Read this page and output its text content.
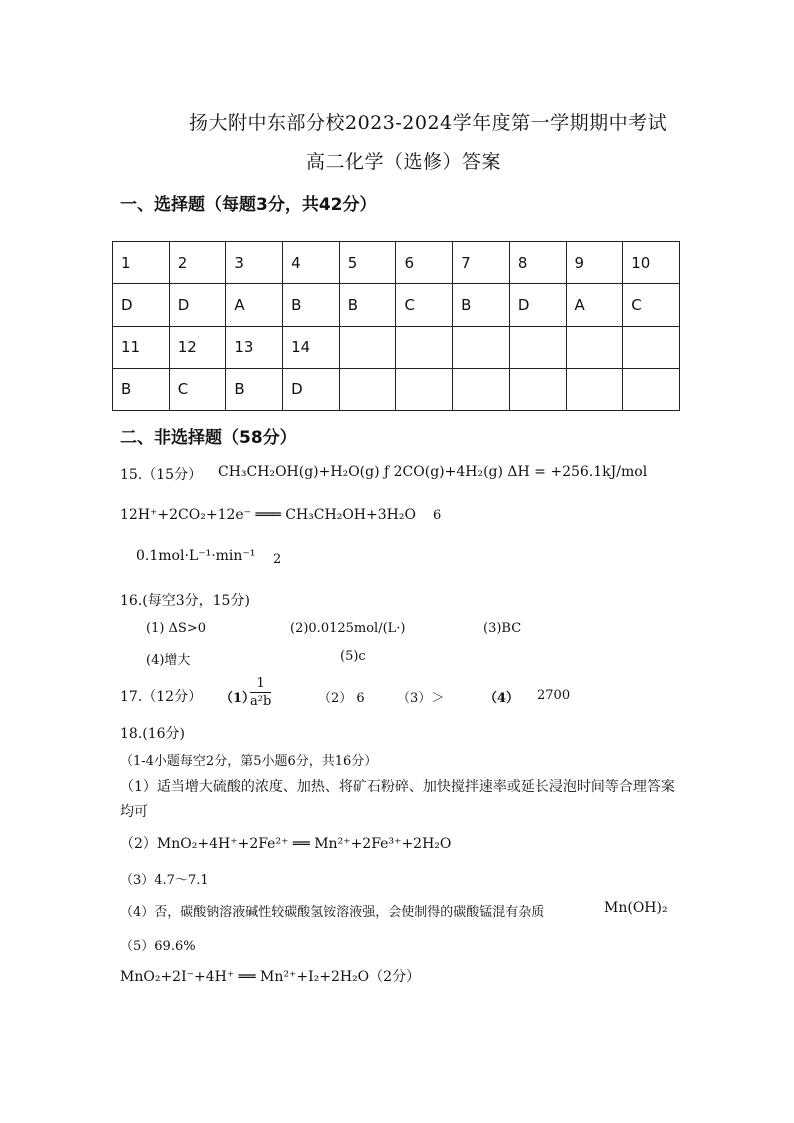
扬大附中东部分校2023-2024学年度第一学期期中考试
高二化学（选修）答案
一、选择题（每题3分，共42分）
1	2	3	4	5	6	7	8	9	10
D	D	A	B	B	C	B	D	A	C
11	12	13	14						
B	C	B	D						
二、非选择题（58分）
15.（15分） CH₃CH₂OH(g)+H₂O(g) ƒ 2CO(g)+4H₂(g) ΔH = +256.1kJ/mol
12H⁺+2CO₂+12e⁻ ═══ CH₃CH₂OH+3H₂O 6
0.1mol·L⁻¹·min⁻¹ 2
16.(每空3分，15分)
(1) ΔS>0	(2)0.0125mol/(L·)	(3)BC
(4)增大	(5)c
17.（12分） （1）
$\frac{1}{\text{a²b}}$	（2） 6 （3）＞	（4） 2700
18.(16分)
（1-4小题每空2分，第5小题6分，共16分）
（1）适当增大硫酸的浓度、加热、将矿石粉碎、加快搅拌速率或延长浸泡时间等合理答案
均可
（2）MnO₂+4H⁺+2Fe²⁺ ══ Mn²⁺+2Fe³⁺+2H₂O
（3）4.7～7.1
（4）否，碳酸钠溶液碱性较碳酸氢铵溶液强，会使制得的碳酸锰混有杂质	Mn(OH)₂
（5）69.6%
MnO₂+2I⁻+4H⁺ ══ Mn²⁺+I₂+2H₂O（2分）
